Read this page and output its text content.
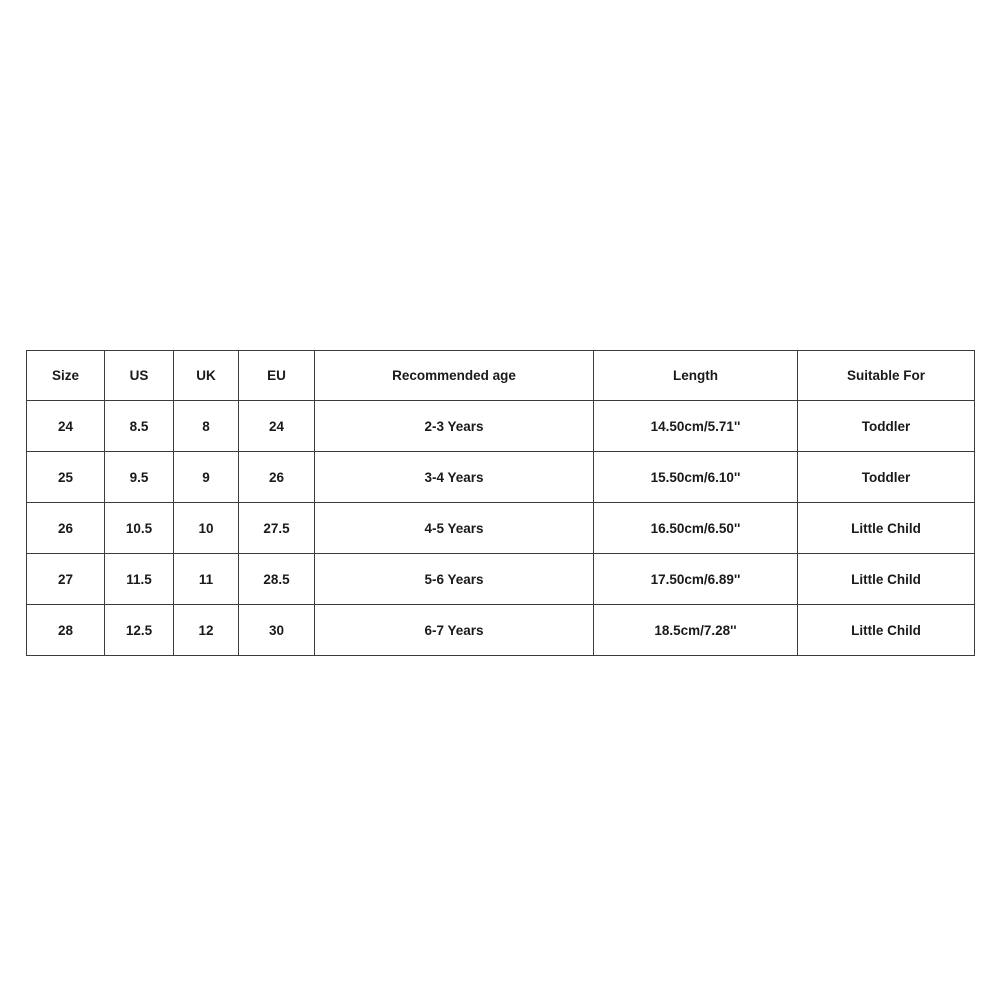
Size	US	UK	EU	Recommended age	Length	Suitable For
24	8.5	8	24	2-3 Years	14.50cm/5.71''	Toddler
25	9.5	9	26	3-4 Years	15.50cm/6.10''	Toddler
26	10.5	10	27.5	4-5 Years	16.50cm/6.50''	Little Child
27	11.5	11	28.5	5-6 Years	17.50cm/6.89''	Little Child
28	12.5	12	30	6-7 Years	18.5cm/7.28''	Little Child
